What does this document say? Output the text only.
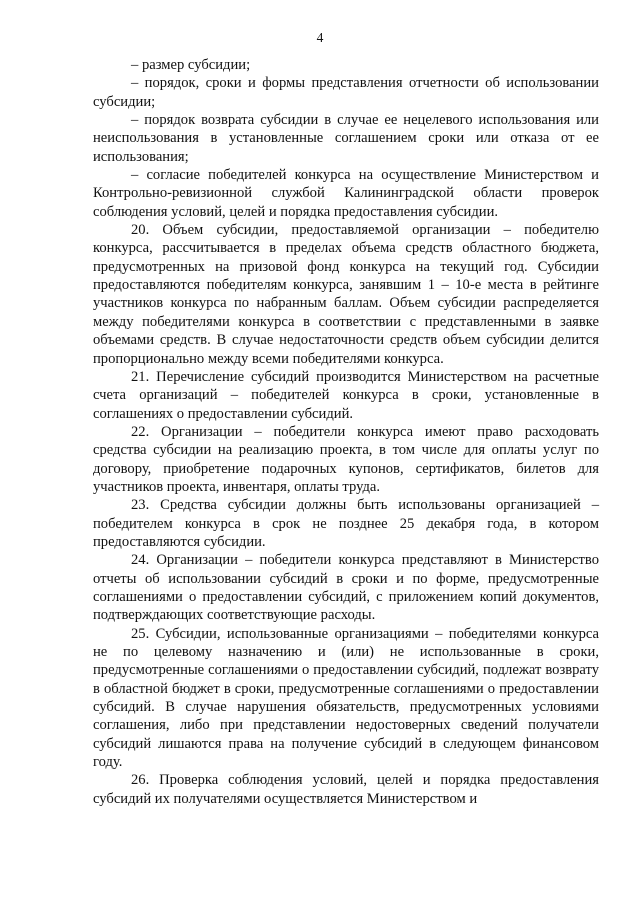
4

– размер субсидии;

– порядок, сроки и формы представления отчетности об использовании субсидии;

– порядок возврата субсидии в случае ее нецелевого использования или неиспользования в установленные соглашением сроки или отказа от ее использования;

– согласие победителей конкурса на осуществление Министерством и Контрольно-ревизионной службой Калининградской области проверок соблюдения условий, целей и порядка предоставления субсидии.

20. Объем субсидии, предоставляемой организации – победителю конкурса, рассчитывается в пределах объема средств областного бюджета, предусмотренных на призовой фонд конкурса на текущий год. Субсидии предоставляются победителям конкурса, занявшим 1 – 10-е места в рейтинге участников конкурса по набранным баллам. Объем субсидии распределяется между победителями конкурса в соответствии с представленными в заявке объемами средств. В случае недостаточности средств объем субсидии делится пропорционально между всеми победителями конкурса.

21. Перечисление субсидий производится Министерством на расчетные счета организаций – победителей конкурса в сроки, установленные в соглашениях о предоставлении субсидий.

22. Организации – победители конкурса имеют право расходовать средства субсидии на реализацию проекта, в том числе для оплаты услуг по договору, приобретение подарочных купонов, сертификатов, билетов для участников проекта, инвентаря, оплаты труда.

23. Средства субсидии должны быть использованы организацией – победителем конкурса в срок не позднее 25 декабря года, в котором предоставляются субсидии.

24. Организации – победители конкурса представляют в Министерство отчеты об использовании субсидий в сроки и по форме, предусмотренные соглашениями о предоставлении субсидий, с приложением копий документов, подтверждающих соответствующие расходы.

25. Субсидии, использованные организациями – победителями конкурса не по целевому назначению и (или) не использованные в сроки, предусмотренные соглашениями о предоставлении субсидий, подлежат возврату в областной бюджет в сроки, предусмотренные соглашениями о предоставлении субсидий. В случае нарушения обязательств, предусмотренных условиями соглашения, либо при представлении недостоверных сведений получатели субсидий лишаются права на получение субсидий в следующем финансовом году.

26. Проверка соблюдения условий, целей и порядка предоставления субсидий их получателями осуществляется Министерством и
